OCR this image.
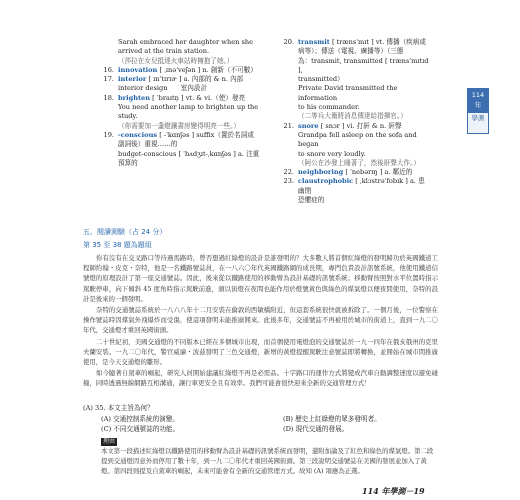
Sarah embraced her daughter when she
arrived at the train station.
（莎拉在女兒抵達火車站時擁抱了她。）
16. innovation [ ˌɪnəˈveʃən ] n. 創新（不可數）
17. interior [ ɪnˈtɪrɪɚ ] a. 內部的 & n. 內部
interior design　　室內設計
18. brighten [ ˈbraɪtn̩ ] vt. & vi.（使）發亮
You need another lamp to brighten up the
study.
（你需要加一盞燈讓書房變得明亮一些。）
19. -conscious [ -ˈkɑnʃəs ] suffix（置於名詞或
副詞後）重視……的
budget-conscious [ ˈbʌdʒɪt-ˌkɑnʃəs ] a. 注重
預算的
20. transmit [ trænsˈmɪt ] vt. 傳播（疾病或
病等）；傳送（電視、廣播等）（三態
為：transmit, transmitted [ trænsˈmɪtɪd ],
transmitted）
Private David transmitted the information
to his commander.
（二等兵大衛將消息傳達給指揮官。）
21. snore [ snɔr ] vi. 打鼾 & n. 鼾聲
Grandpa fell asleep on the sofa and began
to snore very loudly.
（阿公在沙發上睡著了，然後鼾聲大作。）
22. neighboring [ ˈnebərɪŋ ] a. 鄰近的
23. claustrophobic [ ˌklɔstrəˈfobɪk ] a. 患幽閉
恐懼症的
114
年
學測
五、閱讀測驗（占 24 分）
第 35 至 38 題為題組

你有沒有在交叉路口等待過馬路時，曾否想過紅綠燈的設計是誰發明的？大多數人將首個紅綠燈的發明歸功於英國鐵道工程師約翰・皮克・奈特，他是一名鐵路號誌員，在一八六〇年代英國鐵路網的成長期，專門負責設計訊號系統，他使用鐵道信號燈的原理設計了第一座交通號誌。因此，後來從以鐵路使用的移動臂為設計基礎的訊號系統；移動臂按照對水平位置時指示駕駛停車，向下傾斜 45 度角時指示駕駛前進，頭以街燈在夜間也能作用於燈號黃色與綠色的煤氣燈以便夜間使用，奈特的設計是後來的一個發明。

奈特的交通號誌系統於一八六八年十二月安裝在倫敦的西敏橋附近，但這套系統很快就被拆除了。一個月後，一位警察在操作號誌時因煤氣外洩爆炸而受傷，使這項發明未能推廣開來。此後多年，交通號誌不再被用於城市的街道上，直到一九二〇年代，交通燈才重回英國街頭。

二十世紀初，美國交通燈的不同版本已經在多個城市出現，而首個使用電燈泡的交通號誌於一九一四年在俄亥俄州的克里夫蘭安裝。一九二〇年代，警官威廉・波茲發明了三色交通燈，新增的黃燈提醒駕駛注意號誌即將轉換，並開始在城市間推廣使用，是今天交通燈的雛形。

如今隨著自駕車的崛起，研究人員開始建議紅綠燈不再是必需品。十字路口的運作方式將變成汽車自動調整速度以避免碰撞，同時透過無線網路互相溝通，讓行車更安全且有效率。我們可能會很快迎來全新的交通管理方式！

(A) 35. 本文主旨為何？
(A) 交通控制系統的演變。	(B) 歷史上紅綠燈的眾多發明者。
(C) 不同交通號誌的功能。	(D) 現代交通的發展。
理由
本文第一段描述紅綠燈以鐵路使用的移動臂為設計基礎的訊號系統而發明，還附加論及了紅色和綠色的煤氣燈。第二段提到交通燈因意外而停用了數十年，到一九二〇年代才重回英國街頭。第三段說明交通號誌在美國的發展並加入了黃燈。第四段則提及自駕車的崛起，未來可能會有全新的交通管理方式。故知 (A) 項應為正選。
114 年學測－19
